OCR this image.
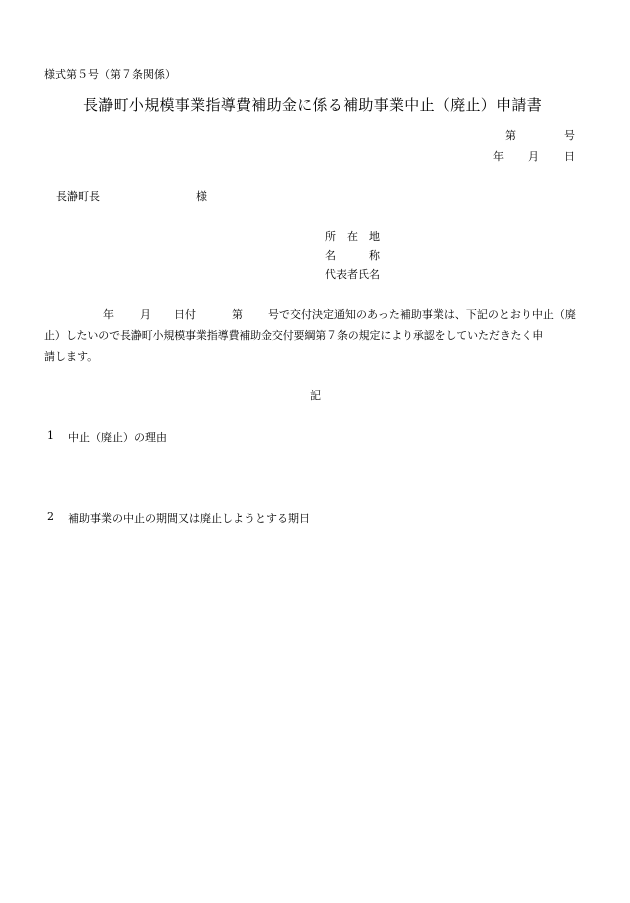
様式第５号（第７条関係）
長瀞町小規模事業指導費補助金に係る補助事業中止（廃止）申請書
第	号
年 月 日
長瀞町長	様
所　在　地
名　　　称
代表者氏名
年 月 日付	第 号で交付決定通知のあった補助事業は、下記のとおり中止（廃
止）したいので長瀞町小規模事業指導費補助金交付要綱第７条の規定により承認をしていただきたく申
請します。
記
1 中止（廃止）の理由
2 補助事業の中止の期間又は廃止しようとする期日
